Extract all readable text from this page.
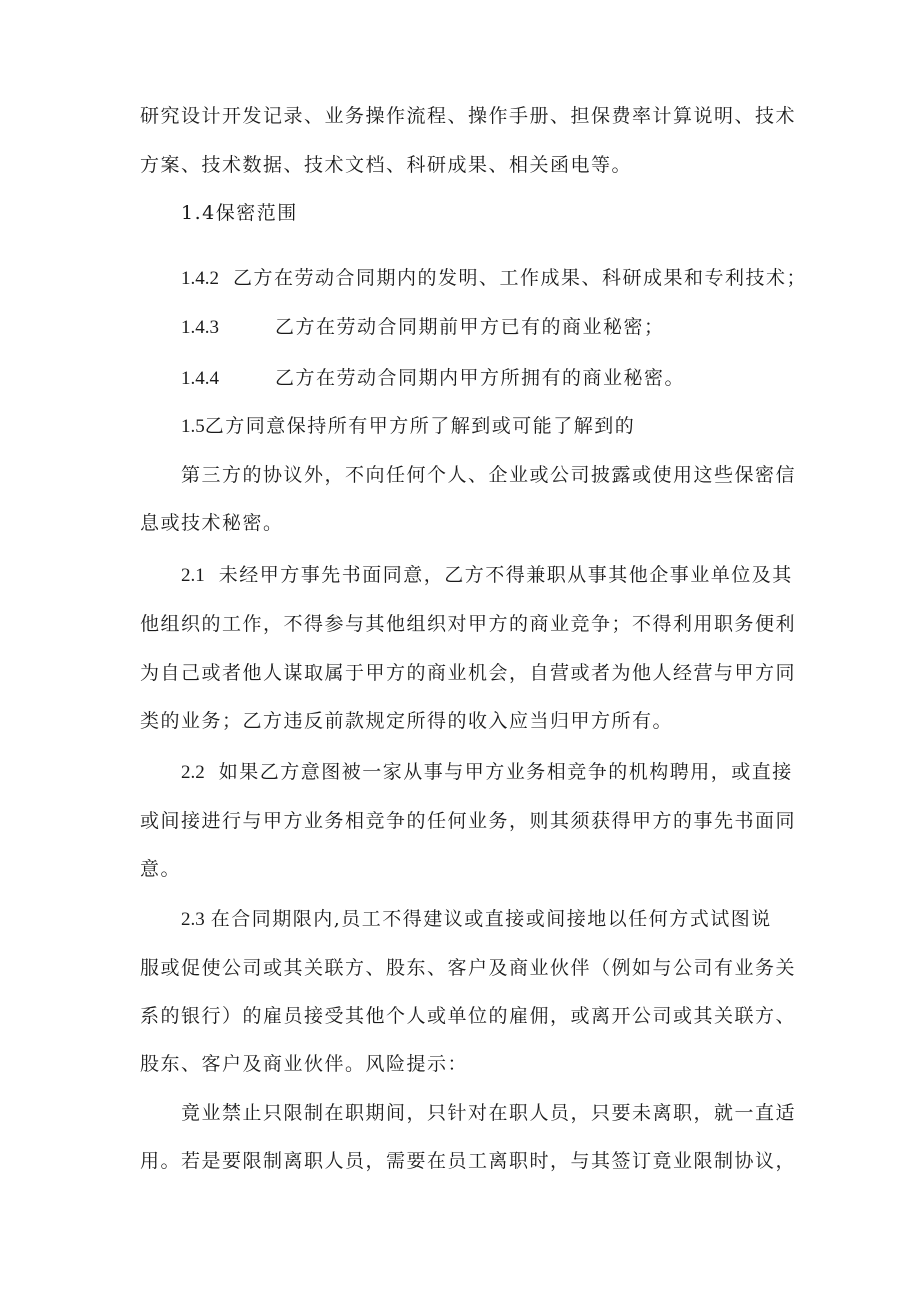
研究设计开发记录、业务操作流程、操作手册、担保费率计算说明、技术
方案、技术数据、技术文档、科研成果、相关函电等。
1.4保密范围
1.4.2 乙方在劳动合同期内的发明、工作成果、科研成果和专利技术；
1.4.3	乙方在劳动合同期前甲方已有的商业秘密；
1.4.4	乙方在劳动合同期内甲方所拥有的商业秘密。
1.5乙方同意保持所有甲方所了解到或可能了解到的
第三方的协议外，不向任何个人、企业或公司披露或使用这些保密信
息或技术秘密。
2.1 未经甲方事先书面同意，乙方不得兼职从事其他企事业单位及其
他组织的工作，不得参与其他组织对甲方的商业竞争；不得利用职务便利
为自己或者他人谋取属于甲方的商业机会，自营或者为他人经营与甲方同
类的业务；乙方违反前款规定所得的收入应当归甲方所有。
2.2 如果乙方意图被一家从事与甲方业务相竞争的机构聘用，或直接
或间接进行与甲方业务相竞争的任何业务，则其须获得甲方的事先书面同
意。
2.3 在合同期限内,员工不得建议或直接或间接地以任何方式试图说
服或促使公司或其关联方、股东、客户及商业伙伴（例如与公司有业务关
系的银行）的雇员接受其他个人或单位的雇佣，或离开公司或其关联方、
股东、客户及商业伙伴。风险提示：
竟业禁止只限制在职期间，只针对在职人员，只要未离职，就一直适
用。若是要限制离职人员，需要在员工离职时，与其签订竟业限制协议，
